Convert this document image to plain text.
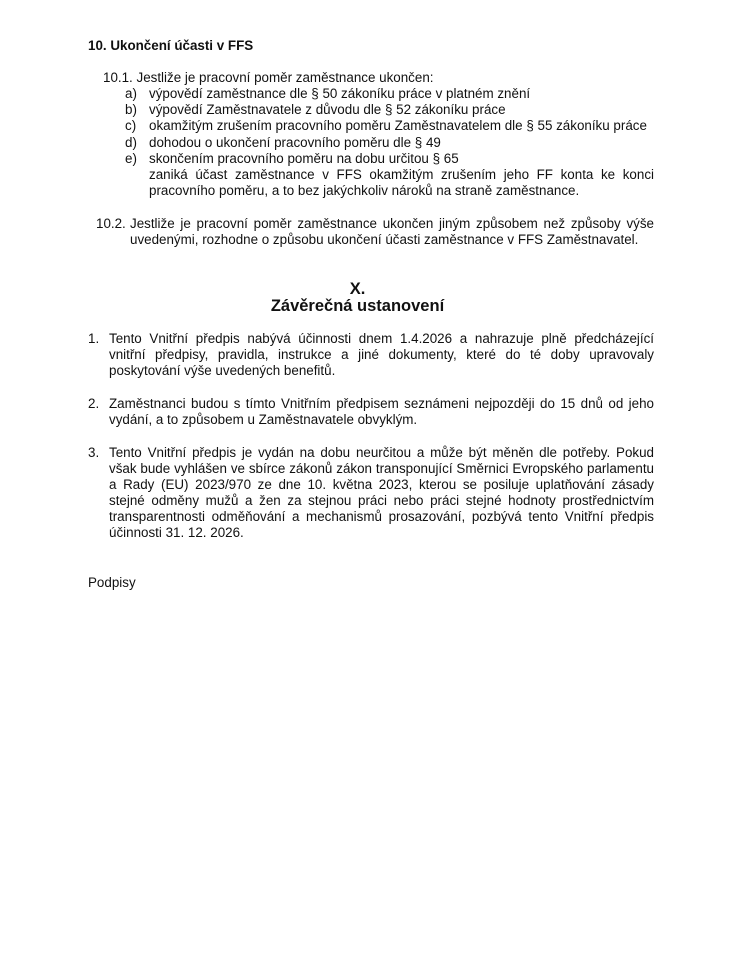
10. Ukončení účasti v FFS
10.1. Jestliže je pracovní poměr zaměstnance ukončen:
a) výpovědí zaměstnance dle § 50 zákoníku práce v platném znění
b) výpovědí Zaměstnavatele z důvodu dle § 52 zákoníku práce
c) okamžitým zrušením pracovního poměru Zaměstnavatelem dle § 55 zákoníku práce
d) dohodou o ukončení pracovního poměru dle § 49
e) skončením pracovního poměru na dobu určitou § 65
zaniká účast zaměstnance v FFS okamžitým zrušením jeho FF konta ke konci pracovního poměru, a to bez jakýchkoliv nároků na straně zaměstnance.
10.2. Jestliže je pracovní poměr zaměstnance ukončen jiným způsobem než způsoby výše uvedenými, rozhodne o způsobu ukončení účasti zaměstnance v FFS Zaměstnavatel.
X.
Závěrečná ustanovení
1. Tento Vnitřní předpis nabývá účinnosti dnem 1.4.2026 a nahrazuje plně předcházející vnitřní předpisy, pravidla, instrukce a jiné dokumenty, které do té doby upravovaly poskytování výše uvedených benefitů.
2. Zaměstnanci budou s tímto Vnitřním předpisem seznámeni nejpozději do 15 dnů od jeho vydání, a to způsobem u Zaměstnavatele obvyklým.
3. Tento Vnitřní předpis je vydán na dobu neurčitou a může být měněn dle potřeby. Pokud však bude vyhlášen ve sbírce zákonů zákon transponující Směrnici Evropského parlamentu a Rady (EU) 2023/970 ze dne 10. května 2023, kterou se posiluje uplatňování zásady stejné odměny mužů a žen za stejnou práci nebo práci stejné hodnoty prostřednictvím transparentnosti odměňování a mechanismů prosazování, pozbývá tento Vnitřní předpis účinnosti 31. 12. 2026.
Podpisy
